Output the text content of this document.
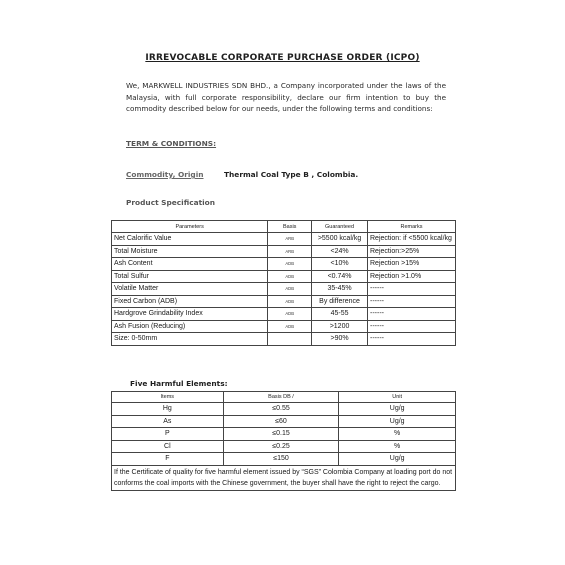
IRREVOCABLE CORPORATE PURCHASE ORDER (ICPO)
We, MARKWELL INDUSTRIES SDN BHD., a Company incorporated under the laws of the Malaysia, with full corporate responsibility, declare our firm intention to buy the commodity described below for our needs, under the following terms and conditions:
TERM & CONDITIONS:
Commodity, Origin	Thermal Coal Type B , Colombia.
Product Specification
Parameters	Basis	Guaranteed	Remarks
Net Calorific Value	ARB	>5500 kcal/kg	Rejection: if <5500 kcal/kg
Total Moisture	ARB	<24%	Rejection:>25%
Ash Content	ADB	<10%	Rejection >15%
Total Sulfur	ADB	<0.74%	Rejection >1.0%
Volatile Matter	ADB	35-45%	------
Fixed Carbon (ADB)	ADB	By difference	------
Hardgrove Grindability Index	ADB	45-55	------
Ash Fusion (Reducing)	ADB	>1200	------
Size: 0-50mm		>90%	------
Five Harmful Elements:
Items	Basis DB /	Unit
Hg	≤0.55	Ug/g
As	≤60	Ug/g
P	≤0.15	%
Cl	≤0.25	%
F	≤150	Ug/g
If the Certificate of quality for five harmful element issued by “SGS” Colombia Company at loading port do not conforms the coal imports with the Chinese government, the buyer shall have the right to reject the cargo.		
